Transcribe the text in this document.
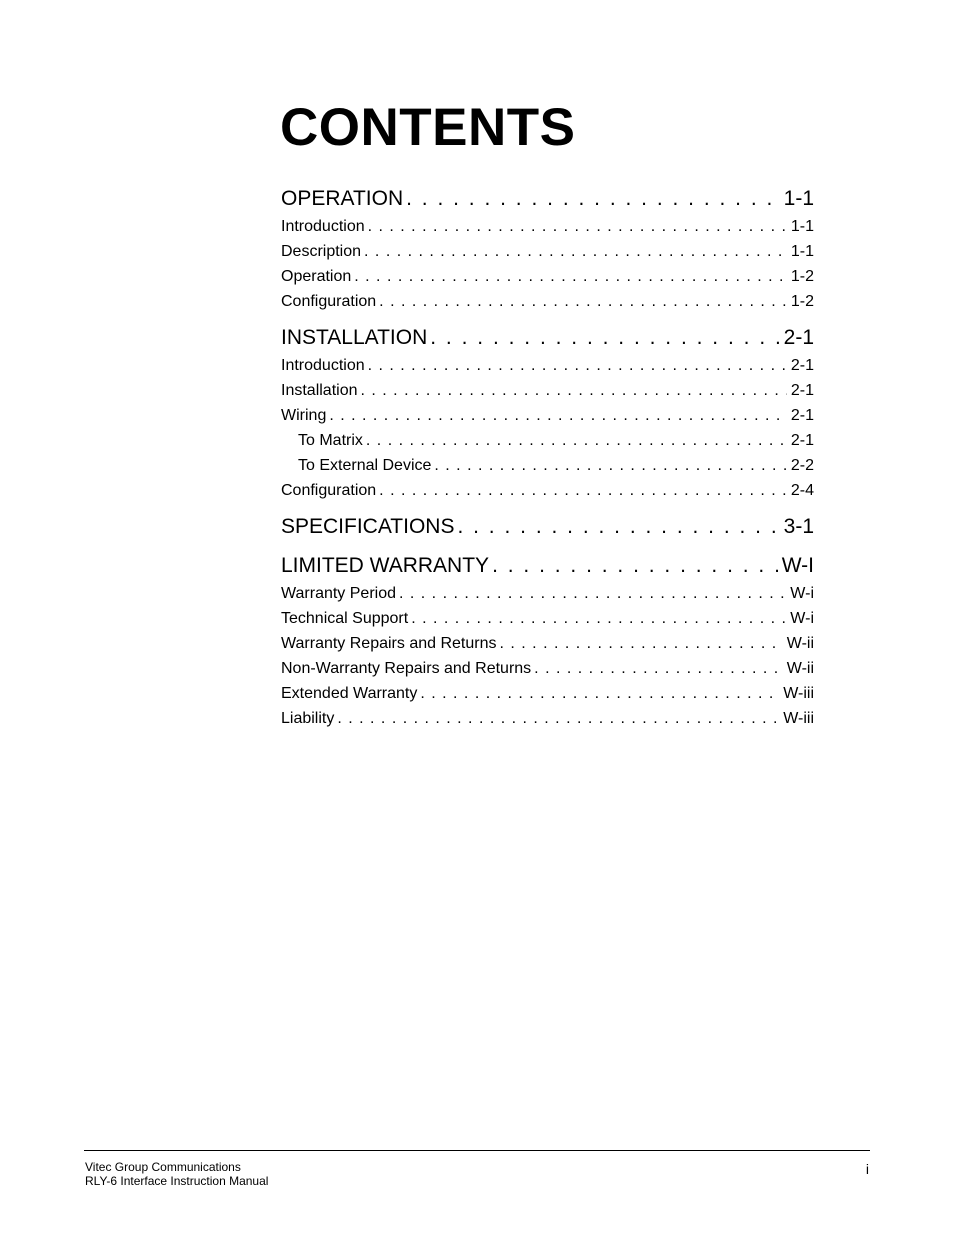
CONTENTS
OPERATION . . .	1-1
Introduction . . .	1-1
Description . . .	1-1
Operation . . .	1-2
Configuration . . .	1-2
INSTALLATION . . .	2-1
Introduction . . .	2-1
Installation . . .	2-1
Wiring . . .	2-1
To Matrix . . .	2-1
To External Device . . .	2-2
Configuration . . .	2-4
SPECIFICATIONS . . .	3-1
LIMITED WARRANTY . . .	W-I
Warranty Period . . .	W-i
Technical Support . . .	W-i
Warranty Repairs and Returns . . .	W-ii
Non-Warranty Repairs and Returns . . .	W-ii
Extended Warranty . . .	W-iii
Liability . . .	W-iii
Vitec Group Communications
RLY-6 Interface Instruction Manual
i
